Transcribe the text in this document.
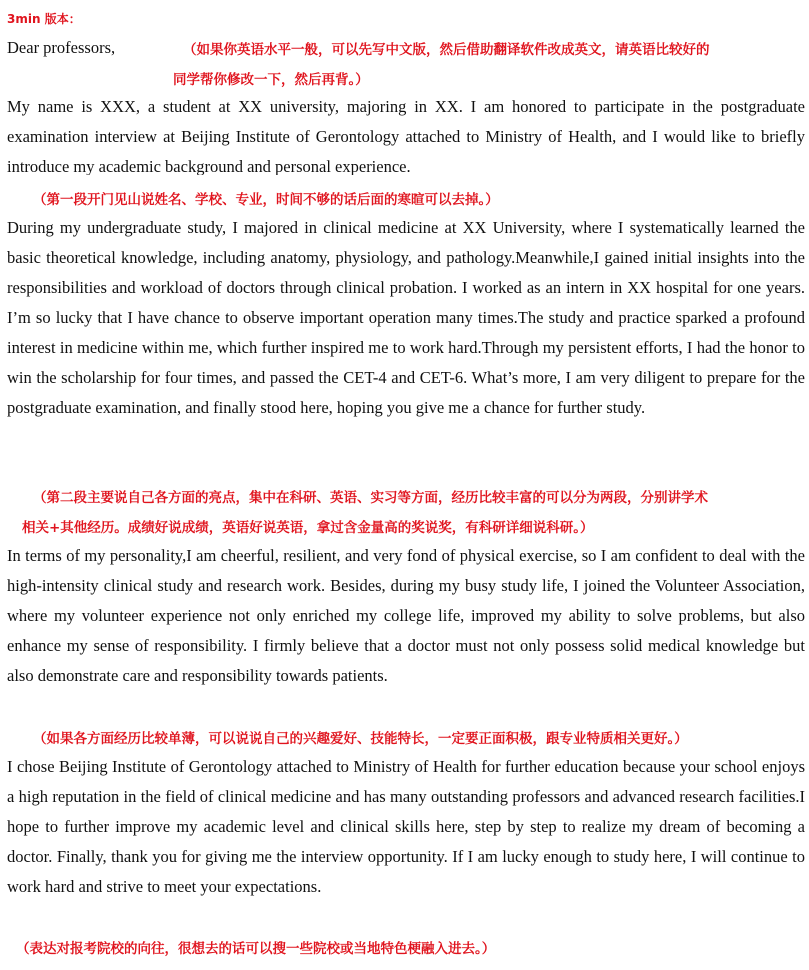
3min 版本：
Dear professors,	（如果你英语水平一般，可以先写中文版，然后借助翻译软件改成英文，请英语比较好的
同学帮你修改一下，然后再背。）

My name is XXX, a student at XX university, majoring in XX. I am honored to participate in the postgraduate examination interview at Beijing Institute of Gerontology attached to Ministry of Health, and I would like to briefly introduce my academic background and personal experience.

（第一段开门见山说姓名、学校、专业，时间不够的话后面的寒暄可以去掉。）

During my undergraduate study, I majored in clinical medicine at XX University, where I systematically learned the basic theoretical knowledge, including anatomy, physiology, and pathology.Meanwhile,I gained initial insights into the responsibilities and workload of doctors through clinical probation. I worked as an intern in XX hospital for one years. I’m so lucky that I have chance to observe important operation many times.The study and practice sparked a profound interest in medicine within me, which further inspired me to work hard.Through my persistent efforts, I had the honor to win the scholarship for four times, and passed the CET-4 and CET-6. What’s more, I am very diligent to prepare for the postgraduate examination, and finally stood here, hoping you give me a chance for further study.

（第二段主要说自己各方面的亮点，集中在科研、英语、实习等方面，经历比较丰富的可以分为两段，分别讲学术
相关+其他经历。成绩好说成绩，英语好说英语，拿过含金量高的奖说奖，有科研详细说科研。）

In terms of my personality,I am cheerful, resilient, and very fond of physical exercise, so I am confident to deal with the high-intensity clinical study and research work. Besides, during my busy study life, I joined the Volunteer Association, where my volunteer experience not only enriched my college life, improved my ability to solve problems, but also enhance my sense of responsibility. I firmly believe that a doctor must not only possess solid medical knowledge but also demonstrate care and responsibility towards patients.

（如果各方面经历比较单薄，可以说说自己的兴趣爱好、技能特长，一定要正面积极，跟专业特质相关更好。）

I chose Beijing Institute of Gerontology attached to Ministry of Health for further education because your school enjoys a high reputation in the field of clinical medicine and has many outstanding professors and advanced research facilities.I hope to further improve my academic level and clinical skills here, step by step to realize my dream of becoming a doctor. Finally, thank you for giving me the interview opportunity. If I am lucky enough to study here, I will continue to work hard and strive to meet your expectations.

（表达对报考院校的向往，很想去的话可以搜一些院校或当地特色梗融入进去。）
